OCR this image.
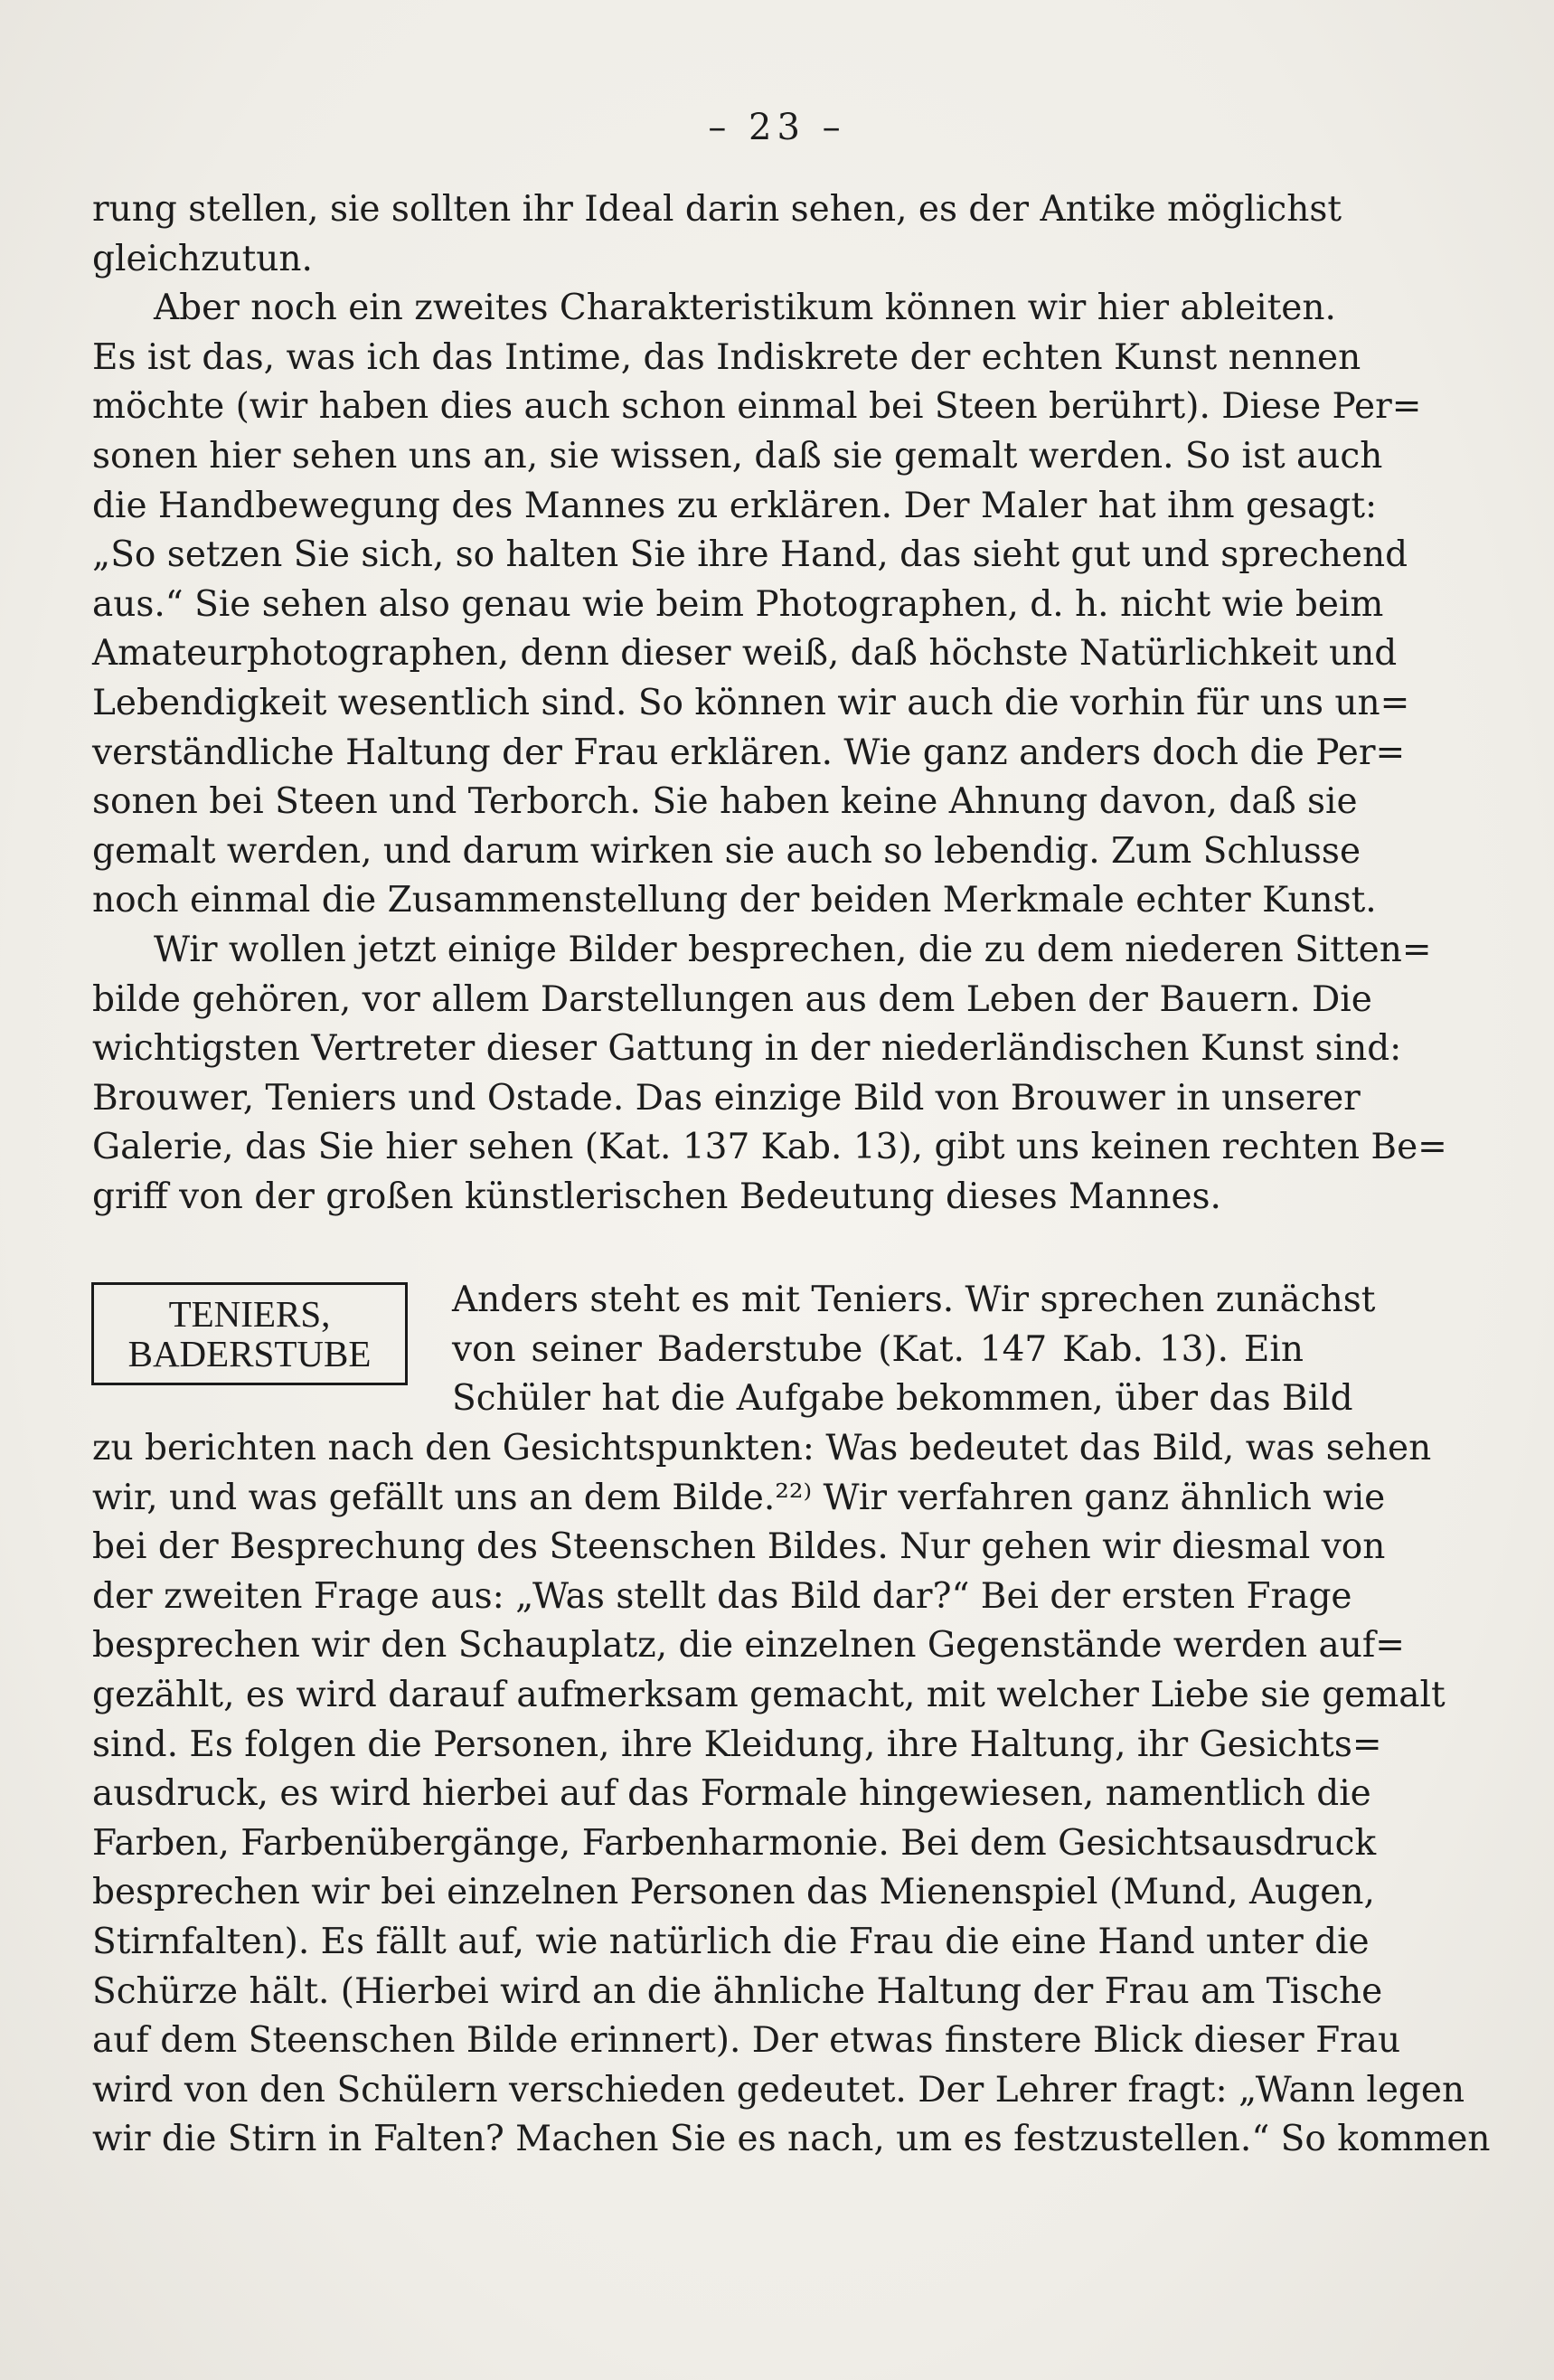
– 23 –
rung stellen, sie sollten ihr Ideal darin sehen, es der Antike möglichst
gleichzutun.
Aber noch ein zweites Charakteristikum können wir hier ableiten.
Es ist das, was ich das Intime, das Indiskrete der echten Kunst nennen
möchte (wir haben dies auch schon einmal bei Steen berührt). Diese Per=
sonen hier sehen uns an, sie wissen, daß sie gemalt werden. So ist auch
die Handbewegung des Mannes zu erklären. Der Maler hat ihm gesagt:
„So setzen Sie sich, so halten Sie ihre Hand, das sieht gut und sprechend
aus.“ Sie sehen also genau wie beim Photographen, d. h. nicht wie beim
Amateurphotographen, denn dieser weiß, daß höchste Natürlichkeit und
Lebendigkeit wesentlich sind. So können wir auch die vorhin für uns un=
verständliche Haltung der Frau erklären. Wie ganz anders doch die Per=
sonen bei Steen und Terborch. Sie haben keine Ahnung davon, daß sie
gemalt werden, und darum wirken sie auch so lebendig. Zum Schlusse
noch einmal die Zusammenstellung der beiden Merkmale echter Kunst.
Wir wollen jetzt einige Bilder besprechen, die zu dem niederen Sitten=
bilde gehören, vor allem Darstellungen aus dem Leben der Bauern. Die
wichtigsten Vertreter dieser Gattung in der niederländischen Kunst sind:
Brouwer, Teniers und Ostade. Das einzige Bild von Brouwer in unserer
Galerie, das Sie hier sehen (Kat. 137 Kab. 13), gibt uns keinen rechten Be=
griff von der großen künstlerischen Bedeutung dieses Mannes.
TENIERS,
BADERSTUBE
Anders steht es mit Teniers. Wir sprechen zunächst
von seiner Baderstube (Kat. 147 Kab. 13). Ein
Schüler hat die Aufgabe bekommen, über das Bild
zu berichten nach den Gesichtspunkten: Was bedeutet das Bild, was sehen
wir, und was gefällt uns an dem Bilde.²²⁾ Wir verfahren ganz ähnlich wie
bei der Besprechung des Steenschen Bildes. Nur gehen wir diesmal von
der zweiten Frage aus: „Was stellt das Bild dar?“ Bei der ersten Frage
besprechen wir den Schauplatz, die einzelnen Gegenstände werden auf=
gezählt, es wird darauf aufmerksam gemacht, mit welcher Liebe sie gemalt
sind. Es folgen die Personen, ihre Kleidung, ihre Haltung, ihr Gesichts=
ausdruck, es wird hierbei auf das Formale hingewiesen, namentlich die
Farben, Farbenübergänge, Farbenharmonie. Bei dem Gesichtsausdruck
besprechen wir bei einzelnen Personen das Mienenspiel (Mund, Augen,
Stirnfalten). Es fällt auf, wie natürlich die Frau die eine Hand unter die
Schürze hält. (Hierbei wird an die ähnliche Haltung der Frau am Tische
auf dem Steenschen Bilde erinnert). Der etwas finstere Blick dieser Frau
wird von den Schülern verschieden gedeutet. Der Lehrer fragt: „Wann legen
wir die Stirn in Falten? Machen Sie es nach, um es festzustellen.“ So kommen
